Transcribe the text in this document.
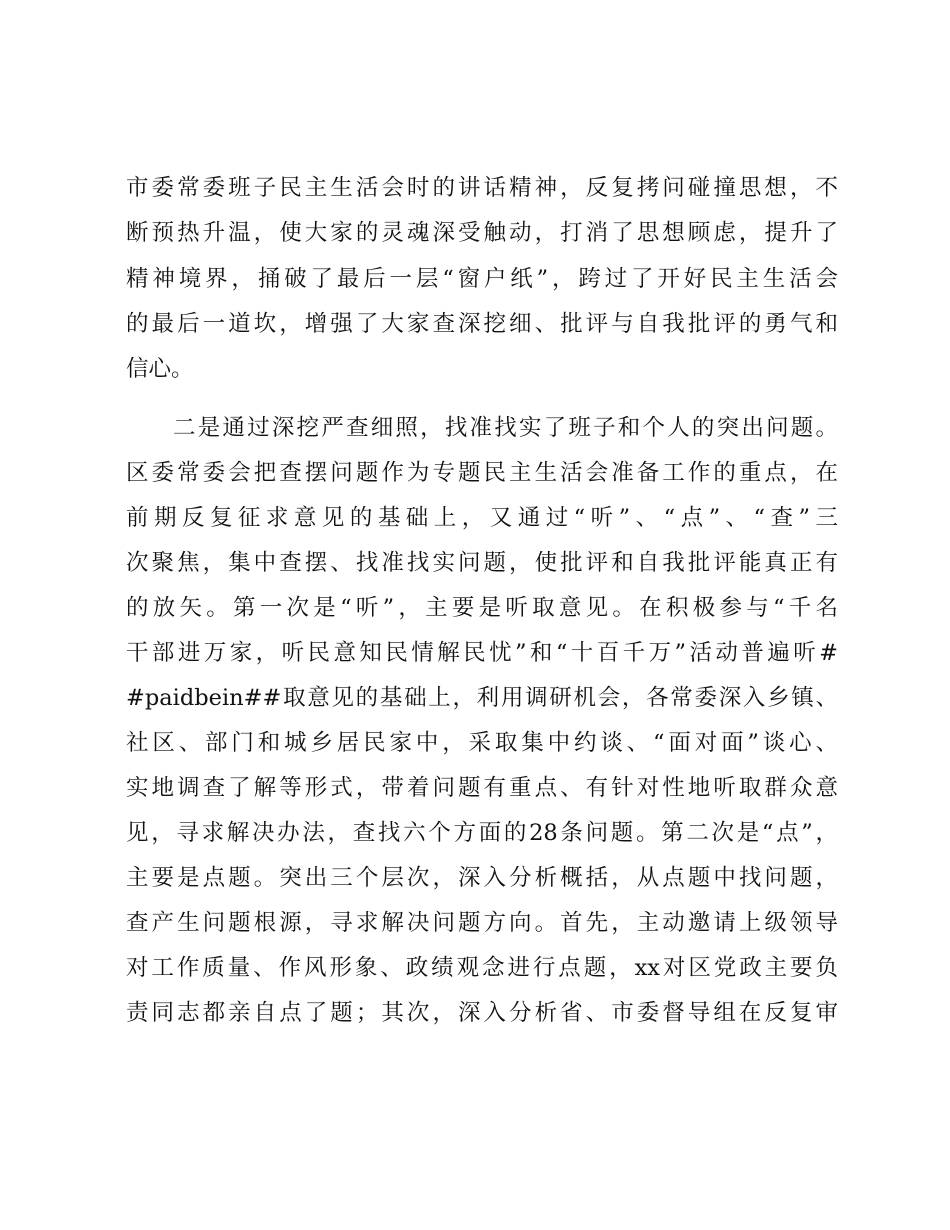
市委常委班子民主生活会时的讲话精神，反复拷问碰撞思想，不
断预热升温，使大家的灵魂深受触动，打消了思想顾虑，提升了
精神境界，捅破了最后一层“窗户纸”，跨过了开好民主生活会
的最后一道坎，增强了大家查深挖细、批评与自我批评的勇气和
信心。
二是通过深挖严查细照，找准找实了班子和个人的突出问题。
区委常委会把查摆问题作为专题民主生活会准备工作的重点，在
前期反复征求意见的基础上，又通过“听”、“点”、“查”三
次聚焦，集中查摆、找准找实问题，使批评和自我批评能真正有
的放矢。第一次是“听”，主要是听取意见。在积极参与“千名
干部进万家，听民意知民情解民忧”和“十百千万”活动普遍听#
#paidbein##取意见的基础上，利用调研机会，各常委深入乡镇、
社区、部门和城乡居民家中，采取集中约谈、“面对面”谈心、
实地调查了解等形式，带着问题有重点、有针对性地听取群众意
见，寻求解决办法，查找六个方面的28条问题。第二次是“点”，
主要是点题。突出三个层次，深入分析概括，从点题中找问题，
查产生问题根源，寻求解决问题方向。首先，主动邀请上级领导
对工作质量、作风形象、政绩观念进行点题，xx对区党政主要负
责同志都亲自点了题；其次，深入分析省、市委督导组在反复审
